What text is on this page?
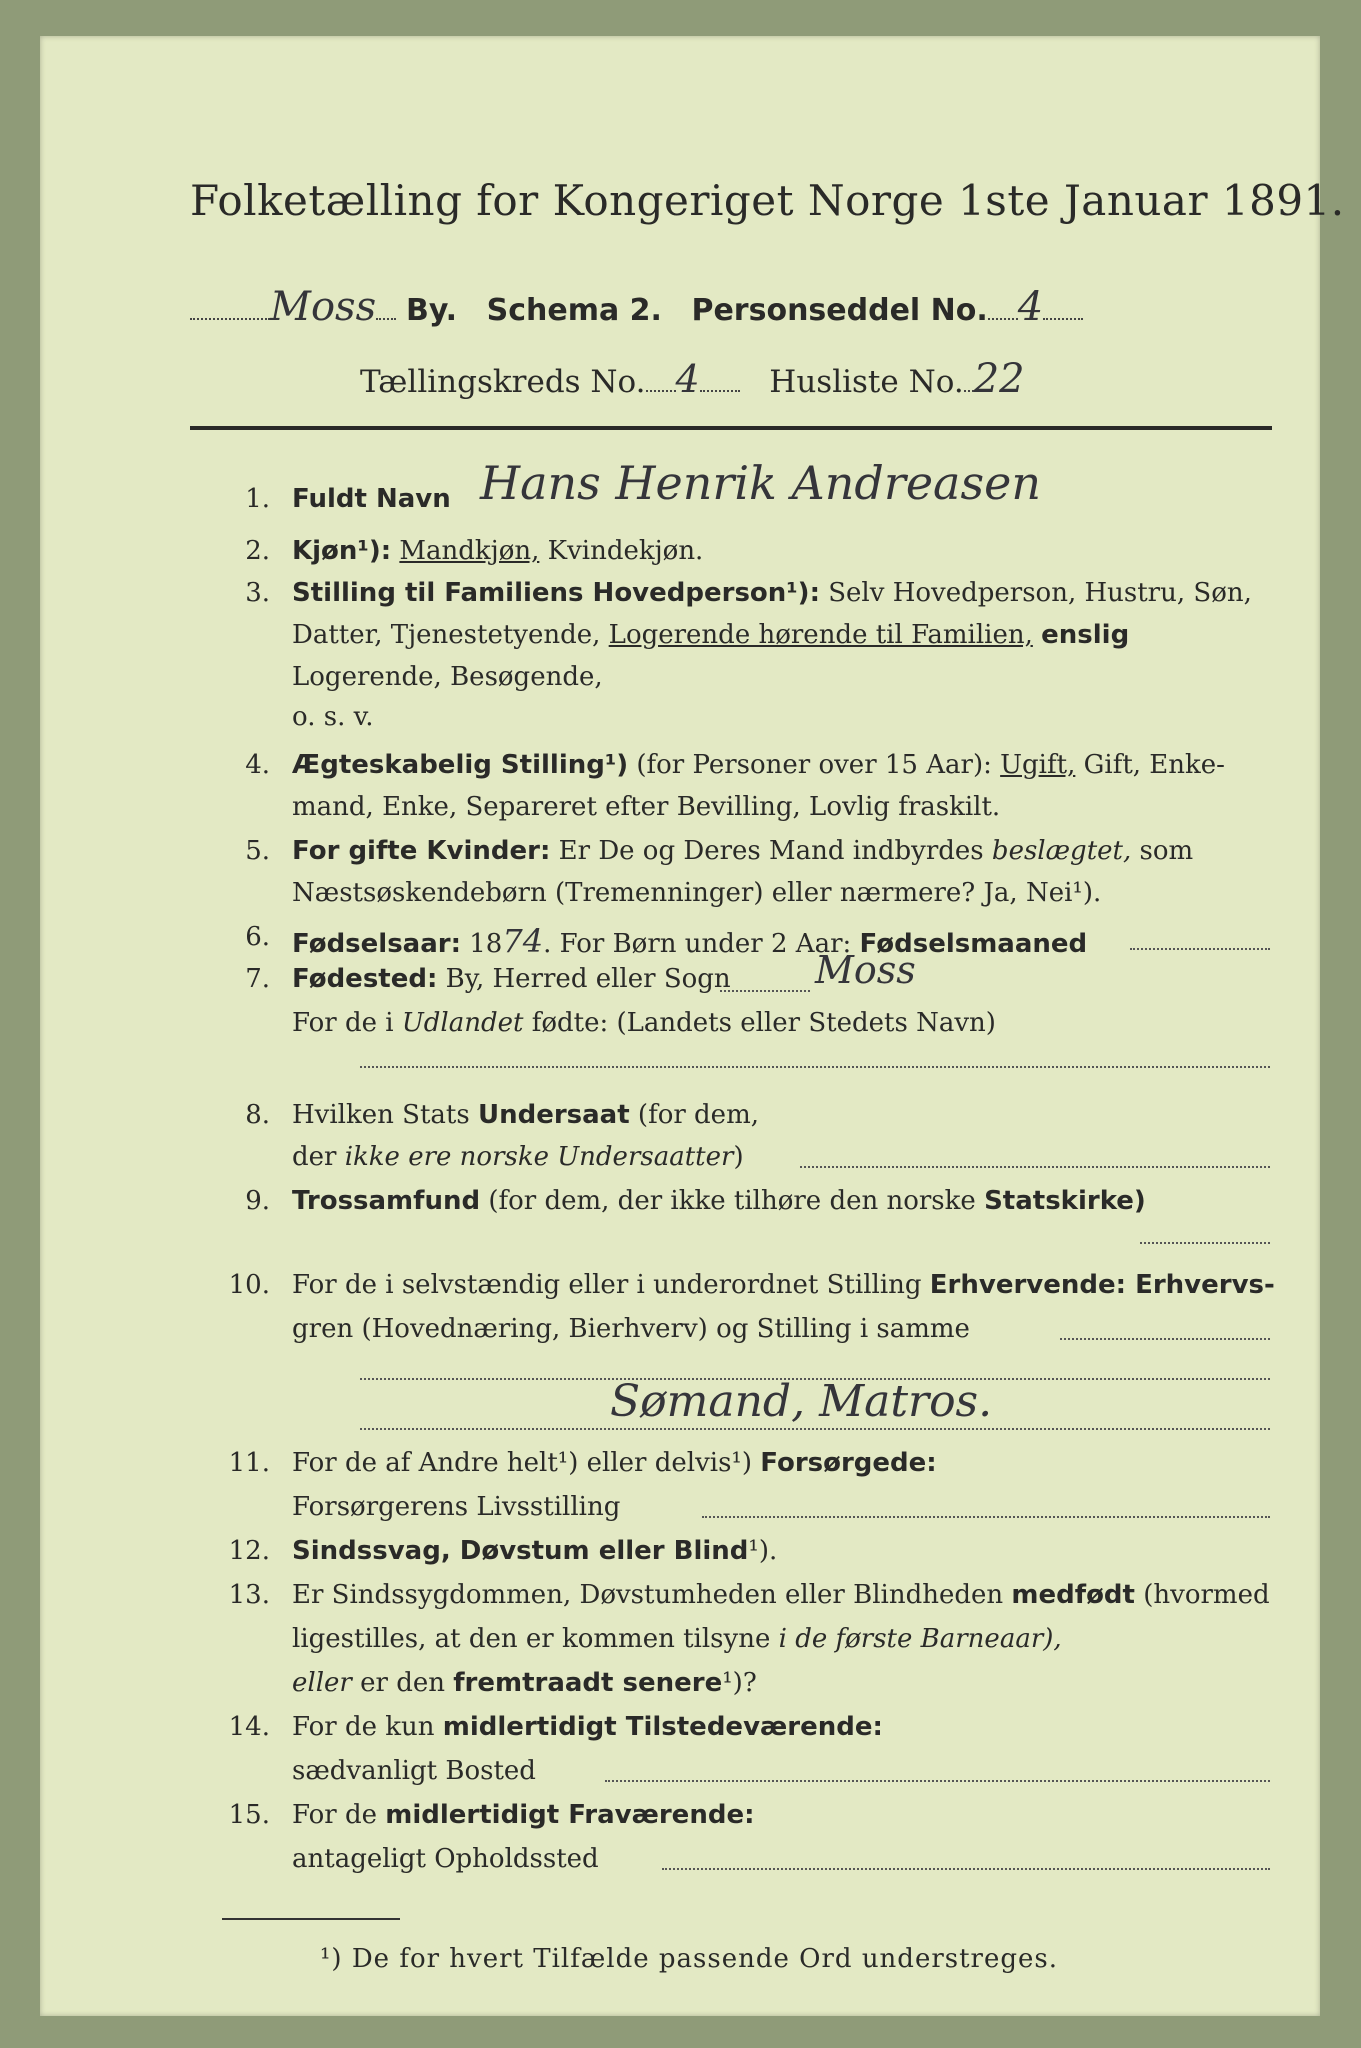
Folketælling for Kongeriget Norge 1ste Januar 1891.
Moss By. Schema 2. Personseddel No. 4
Tællingskreds No. 4 Husliste No. 22
1. Fuldt Navn Hans Henrik Andreasen
2. Kjøn¹): Mandkjøn, Kvindekjøn.
3. Stilling til Familiens Hovedperson¹): Selv Hovedperson, Hustru, Søn,
Datter, Tjenestetyende, Logerende hørende til Familien, enslig
Logerende, Besøgende,
o. s. v.
4. Ægteskabelig Stilling¹) (for Personer over 15 Aar): Ugift, Gift, Enke-
mand, Enke, Separeret efter Bevilling, Lovlig fraskilt.
5. For gifte Kvinder: Er De og Deres Mand indbyrdes beslægtet, som
Næstsøskendebørn (Tremenninger) eller nærmere? Ja, Nei¹).
6. Fødselsaar: 1874. For Børn under 2 Aar: Fødselsmaaned
7. Fødested: By, Herred eller Sogn Moss
For de i Udlandet fødte: (Landets eller Stedets Navn)
8. Hvilken Stats Undersaat (for dem,
der ikke ere norske Undersaatter)
9. Trossamfund (for dem, der ikke tilhøre den norske Statskirke)
10. For de i selvstændig eller i underordnet Stilling Erhvervende: Erhvervs-
gren (Hovednæring, Bierhverv) og Stilling i samme
Sømand, Matros.
11. For de af Andre helt¹) eller delvis¹) Forsørgede:
Forsørgerens Livsstilling
12. Sindssvag, Døvstum eller Blind¹).
13. Er Sindssygdommen, Døvstumheden eller Blindheden medfødt (hvormed
ligestilles, at den er kommen tilsyne i de første Barneaar),
eller er den fremtraadt senere¹)?
14. For de kun midlertidigt Tilstedeværende:
sædvanligt Bosted
15. For de midlertidigt Fraværende:
antageligt Opholdssted
¹) De for hvert Tilfælde passende Ord understreges.
